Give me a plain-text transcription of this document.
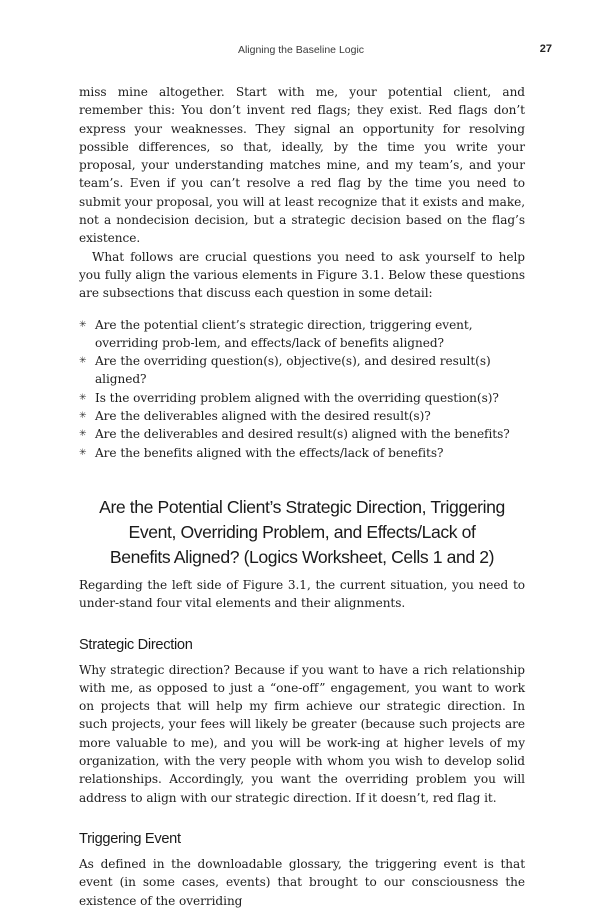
Aligning the Baseline Logic	27

miss mine altogether. Start with me, your potential client, and remember this: You don’t invent red flags; they exist. Red flags don’t express your weaknesses. They signal an opportunity for resolving possible differences, so that, ideally, by the time you write your proposal, your understanding matches mine, and my team’s, and your team’s. Even if you can’t resolve a red flag by the time you need to submit your proposal, you will at least recognize that it exists and make, not a nondecision decision, but a strategic decision based on the flag’s existence.

What follows are crucial questions you need to ask yourself to help you fully align the various elements in Figure 3.1. Below these questions are subsections that discuss each question in some detail:

✳ Are the potential client’s strategic direction, triggering event, overriding prob-lem, and effects/lack of benefits aligned?
✳ Are the overriding question(s), objective(s), and desired result(s) aligned?
✳ Is the overriding problem aligned with the overriding question(s)?
✳ Are the deliverables aligned with the desired result(s)?
✳ Are the deliverables and desired result(s) aligned with the benefits?
✳ Are the benefits aligned with the effects/lack of benefits?
Are the Potential Client’s Strategic Direction, Triggering
Event, Overriding Problem, and Effects/Lack of
Benefits Aligned? (Logics Worksheet, Cells 1 and 2)

Regarding the left side of Figure 3.1, the current situation, you need to under-stand four vital elements and their alignments.

Strategic Direction

Why strategic direction? Because if you want to have a rich relationship with me, as opposed to just a “one-off” engagement, you want to work on projects that will help my firm achieve our strategic direction. In such projects, your fees will likely be greater (because such projects are more valuable to me), and you will be work-ing at higher levels of my organization, with the very people with whom you wish to develop solid relationships. Accordingly, you want the overriding problem you will address to align with our strategic direction. If it doesn’t, red flag it.

Triggering Event

As defined in the downloadable glossary, the triggering event is that event (in some cases, events) that brought to our consciousness the existence of the overriding
